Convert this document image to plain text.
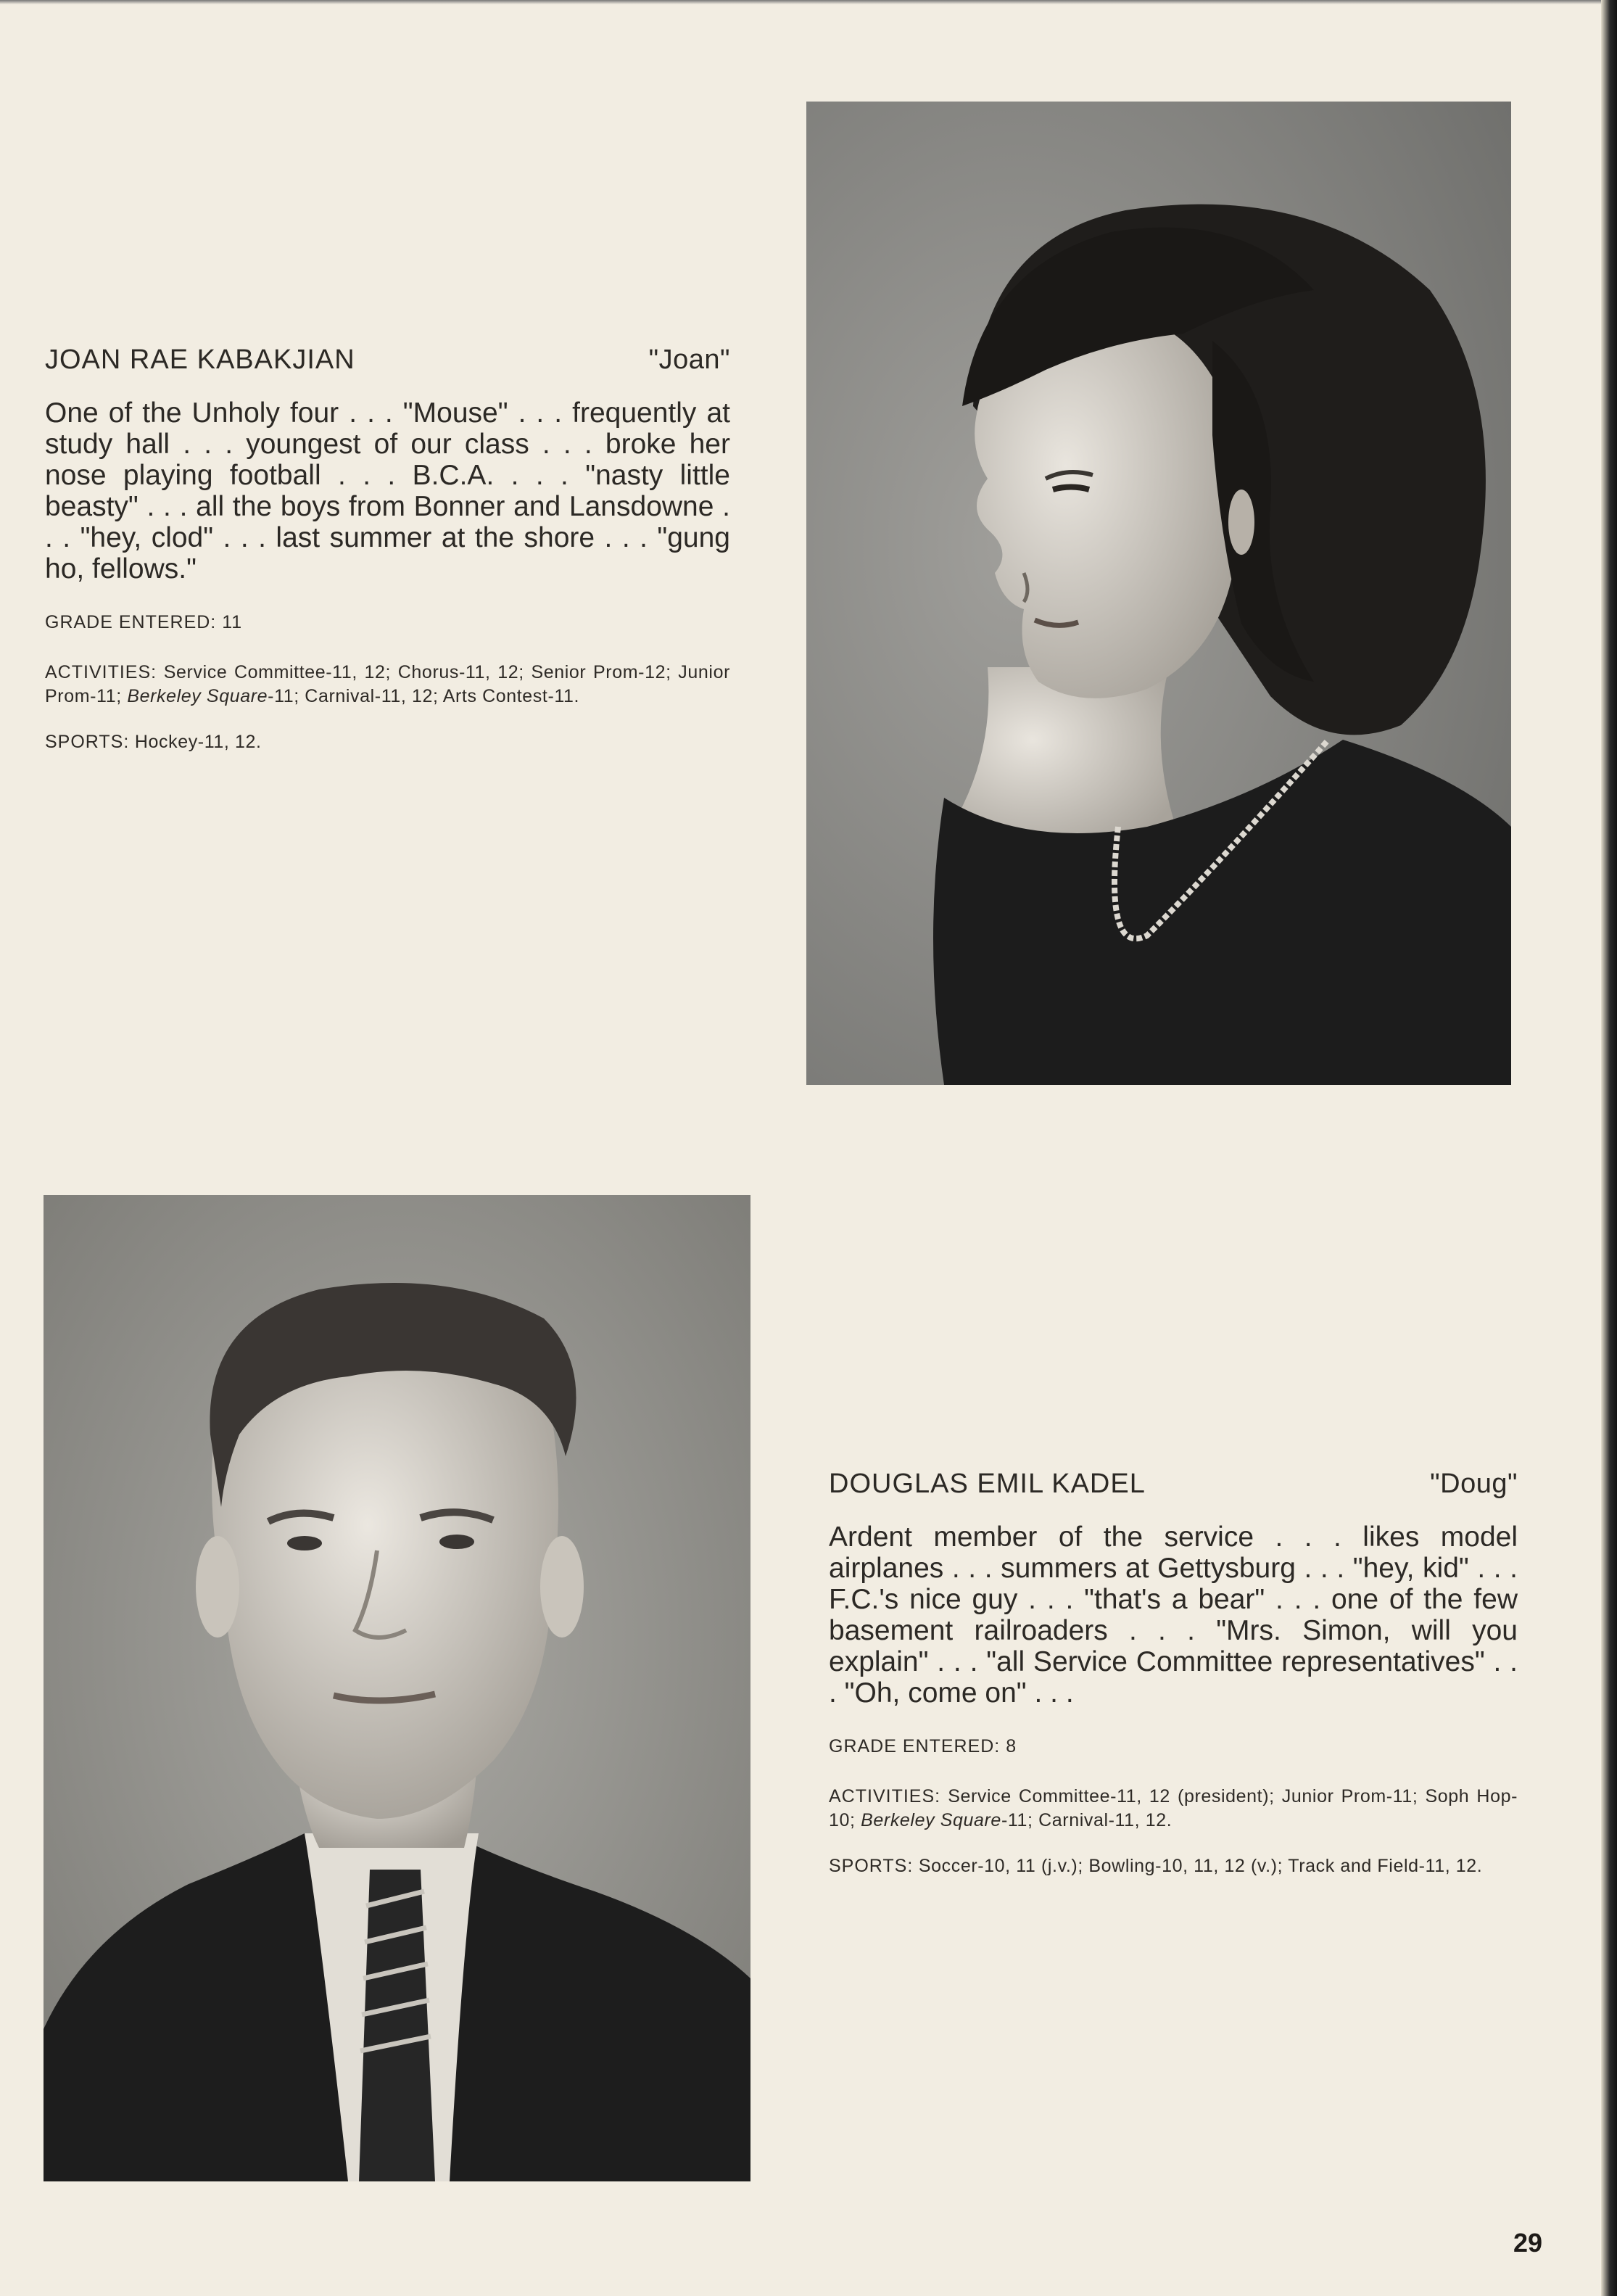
JOAN RAE KABAKJIAN	"Joan"
One of the Unholy four . . . "Mouse" . . . frequently at study hall . . . youngest of our class . . . broke her nose playing football . . . B.C.A. . . . "nasty little beasty" . . . all the boys from Bonner and Lansdowne . . . "hey, clod" . . . last summer at the shore . . . "gung ho, fellows."
GRADE ENTERED: 11
ACTIVITIES: Service Committee-11, 12; Chorus-11, 12; Senior Prom-12; Junior Prom-11; Berkeley Square-11; Carnival-11, 12; Arts Contest-11.
SPORTS: Hockey-11, 12.
DOUGLAS EMIL KADEL	"Doug"
Ardent member of the service . . . likes model airplanes . . . summers at Gettysburg . . . "hey, kid" . . . F.C.'s nice guy . . . "that's a bear" . . . one of the few basement railroaders . . . "Mrs. Simon, will you explain" . . . "all Service Committee representatives" . . . "Oh, come on" . . .
GRADE ENTERED: 8
ACTIVITIES: Service Committee-11, 12 (president); Junior Prom-11; Soph Hop-10; Berkeley Square-11; Carnival-11, 12.
SPORTS: Soccer-10, 11 (j.v.); Bowling-10, 11, 12 (v.); Track and Field-11, 12.
29
